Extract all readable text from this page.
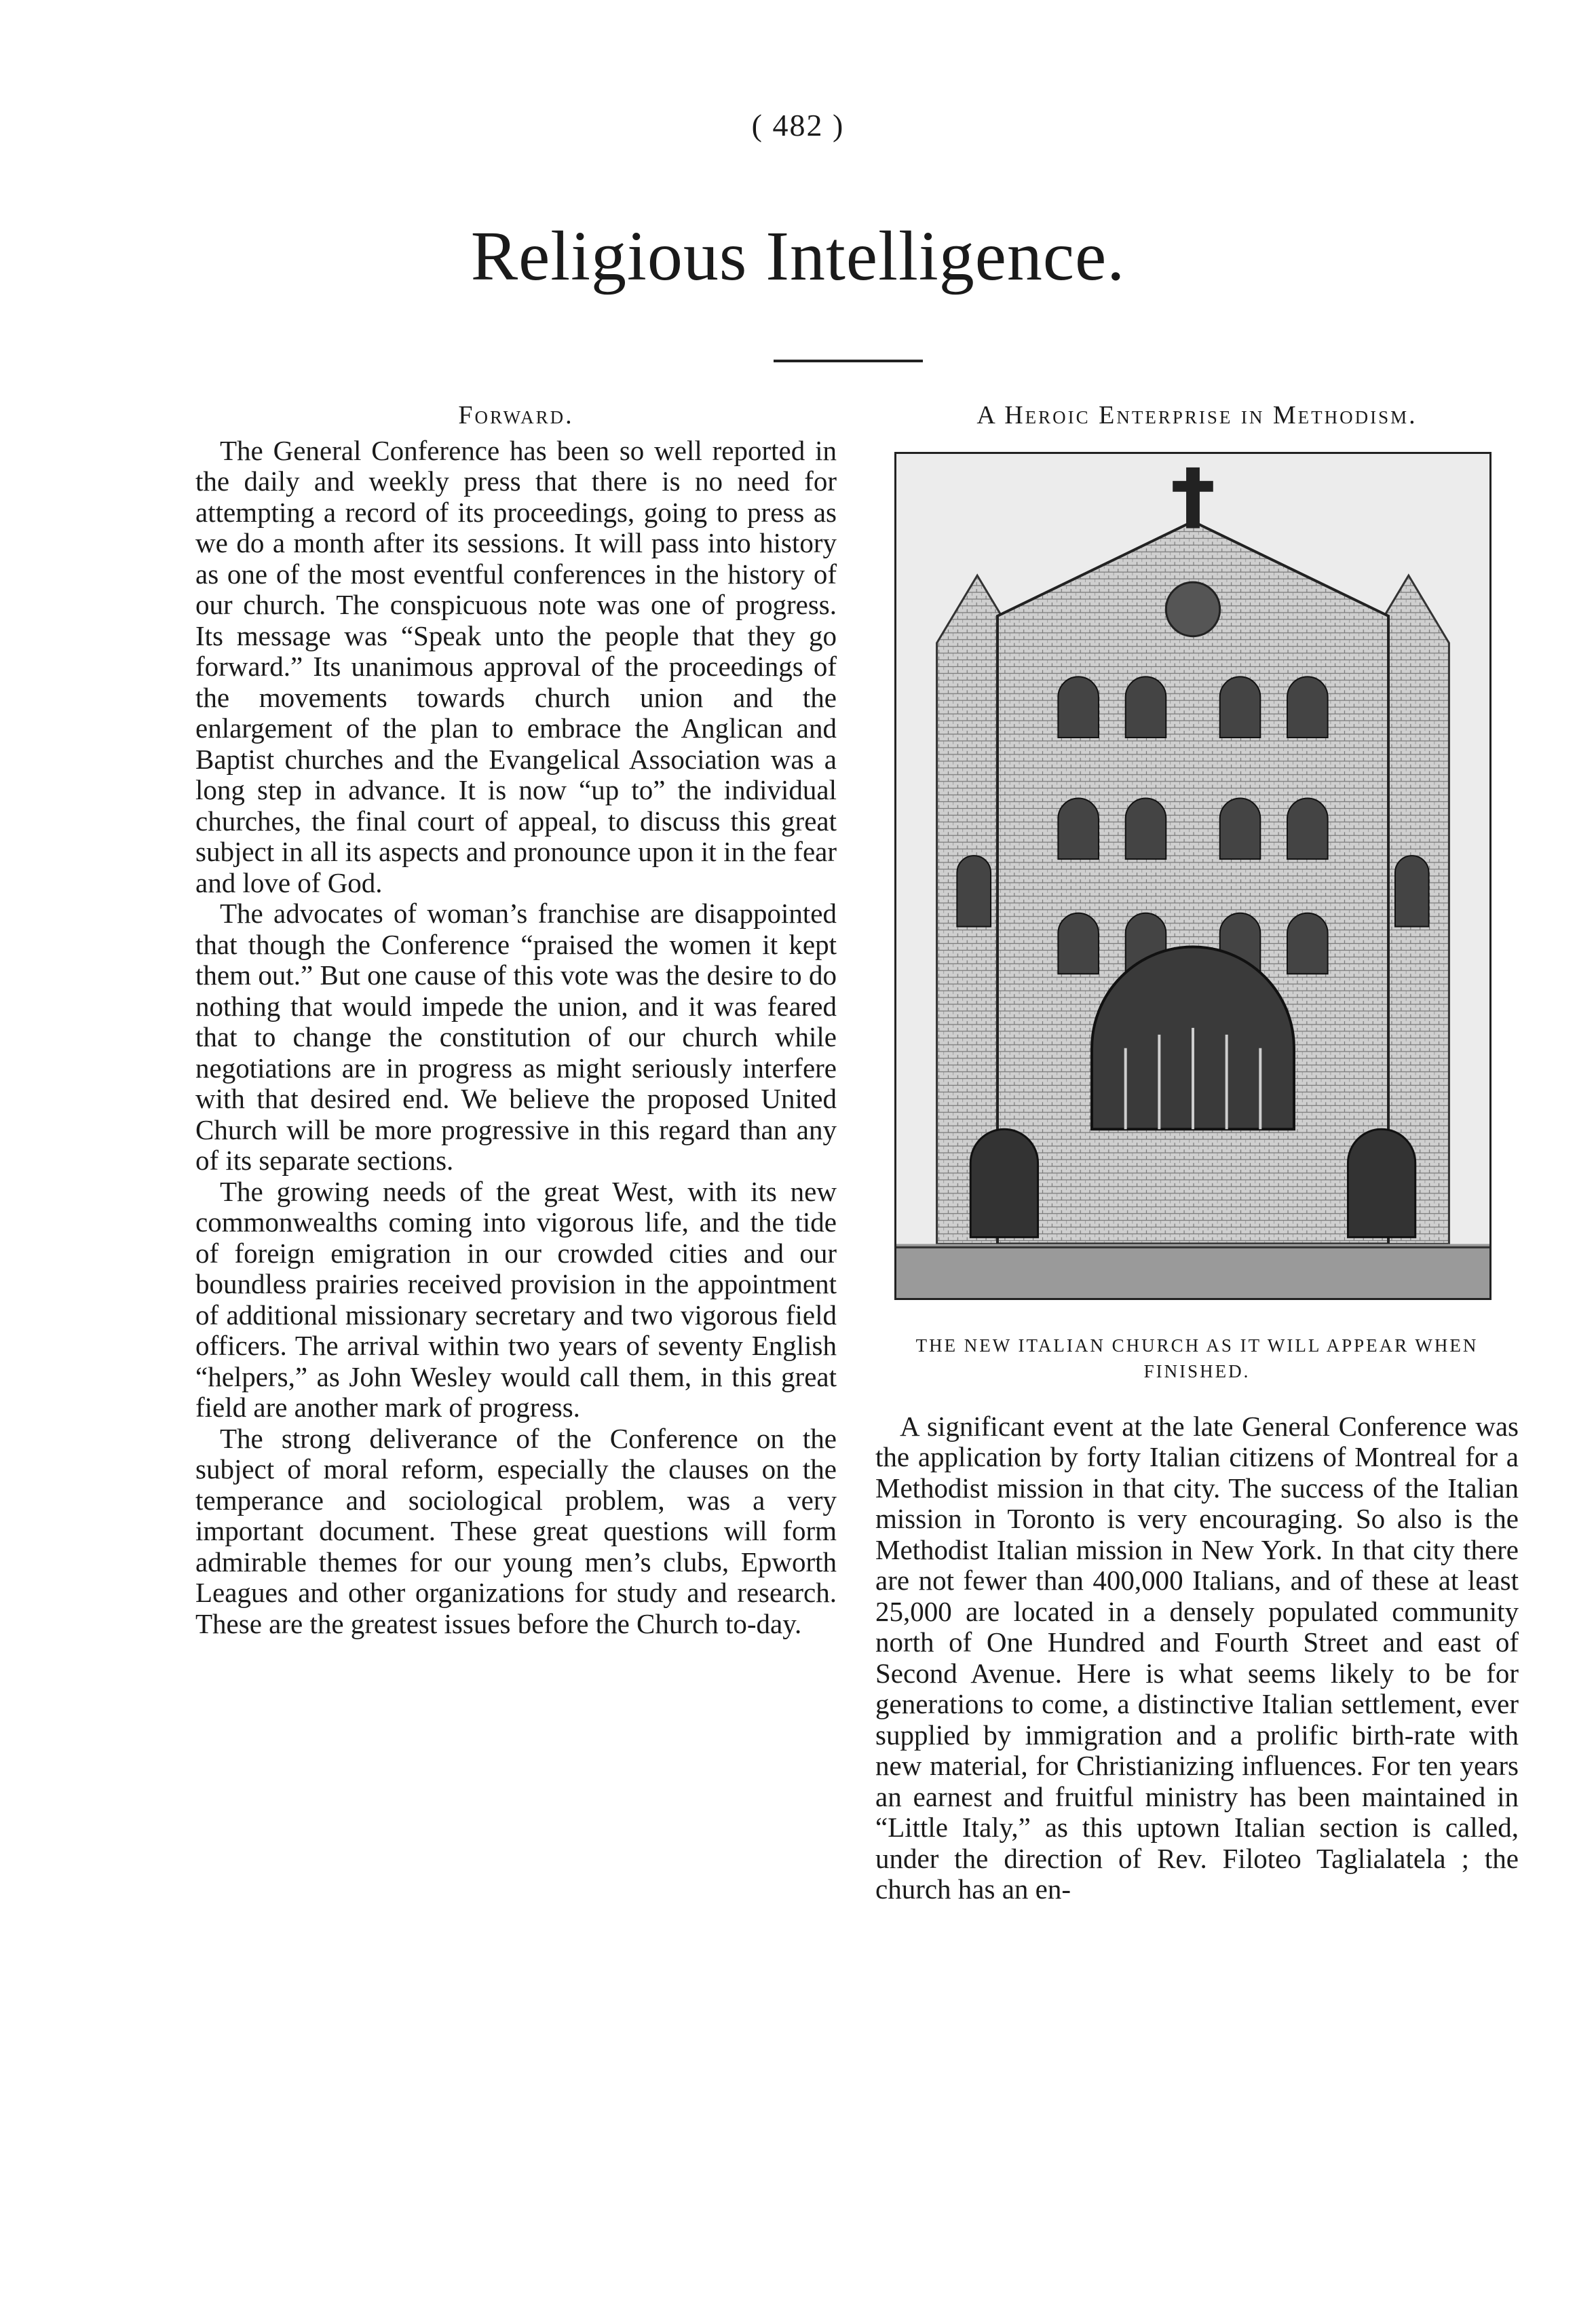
( 482 )
Religious Intelligence.
Forward.

The General Conference has been so well reported in the daily and weekly press that there is no need for attempting a record of its proceedings, going to press as we do a month after its sessions. It will pass into history as one of the most eventful conferences in the history of our church. The conspicuous note was one of progress. Its message was “Speak unto the people that they go forward.” Its unanimous approval of the proceedings of the movements towards church union and the enlargement of the plan to embrace the Anglican and Baptist churches and the Evangelical Association was a long step in advance. It is now “up to” the individual churches, the final court of appeal, to discuss this great subject in all its aspects and pronounce upon it in the fear and love of God.

The advocates of woman’s franchise are disappointed that though the Conference “praised the women it kept them out.” But one cause of this vote was the desire to do nothing that would impede the union, and it was feared that to change the constitution of our church while negotiations are in progress as might seriously interfere with that desired end. We believe the proposed United Church will be more progressive in this regard than any of its separate sections.

The growing needs of the great West, with its new commonwealths coming into vigorous life, and the tide of foreign emigration in our crowded cities and our boundless prairies received provision in the appointment of additional missionary secretary and two vigorous field officers. The arrival within two years of seventy English “helpers,” as John Wesley would call them, in this great field are another mark of progress.

The strong deliverance of the Conference on the subject of moral reform, especially the clauses on the temperance and sociological problem, was a very important document. These great questions will form admirable themes for our young men’s clubs, Epworth Leagues and other organizations for study and research. These are the greatest issues before the Church to-day.

A Heroic Enterprise in Methodism.
THE NEW ITALIAN CHURCH AS IT WILL APPEAR WHEN FINISHED.

A significant event at the late General Conference was the application by forty Italian citizens of Montreal for a Methodist mission in that city. The success of the Italian mission in Toronto is very encouraging. So also is the Methodist Italian mission in New York. In that city there are not fewer than 400,000 Italians, and of these at least 25,000 are located in a densely populated community north of One Hundred and Fourth Street and east of Second Avenue. Here is what seems likely to be for generations to come, a distinctive Italian settlement, ever supplied by immigration and a prolific birth-rate with new material, for Christianizing influences. For ten years an earnest and fruitful ministry has been maintained in “Little Italy,” as this uptown Italian section is called, under the direction of Rev. Filoteo Taglialatela ; the church has an en-
